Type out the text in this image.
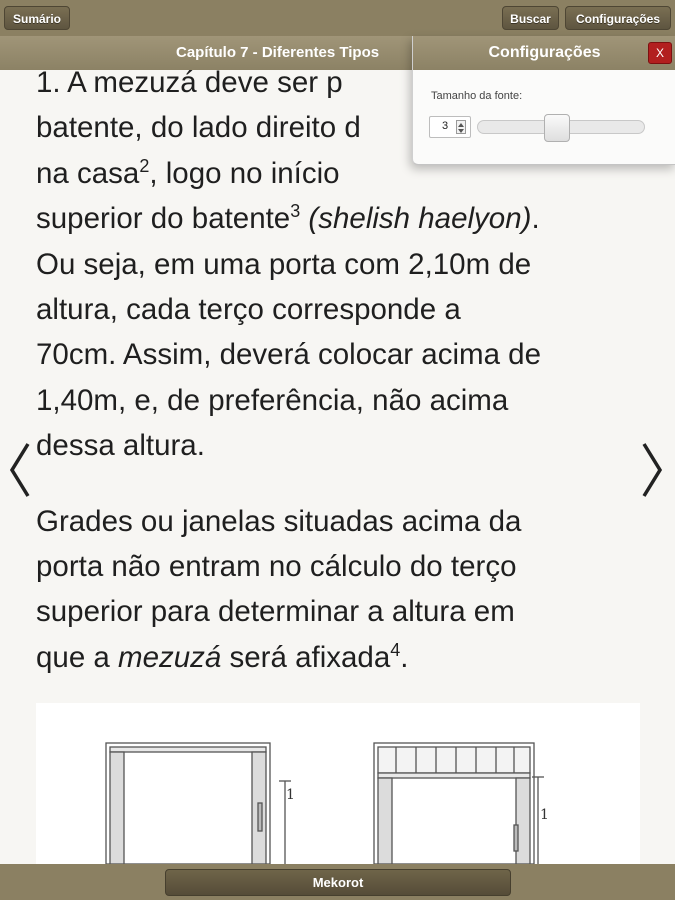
1. A mezuzá deve ser p
batente, do lado direito d
na casa$^2$, logo no início
superior do batente$^3$ (shelish haelyon).
Ou seja, em uma porta com 2,10m de
altura, cada terço corresponde a
70cm. Assim, deverá colocar acima de
1,40m, e, de preferência, não acima
dessa altura.

Grades ou janelas situadas acima da
porta não entram no cálculo do terço
superior para determinar a altura em
que a mezuzá será afixada$^4$.

1
1
Capítulo 7 - Diferentes Tipos
Sumário	Buscar	Configurações
Configurações	X
Tamanho da fonte:
3
Mekorot
